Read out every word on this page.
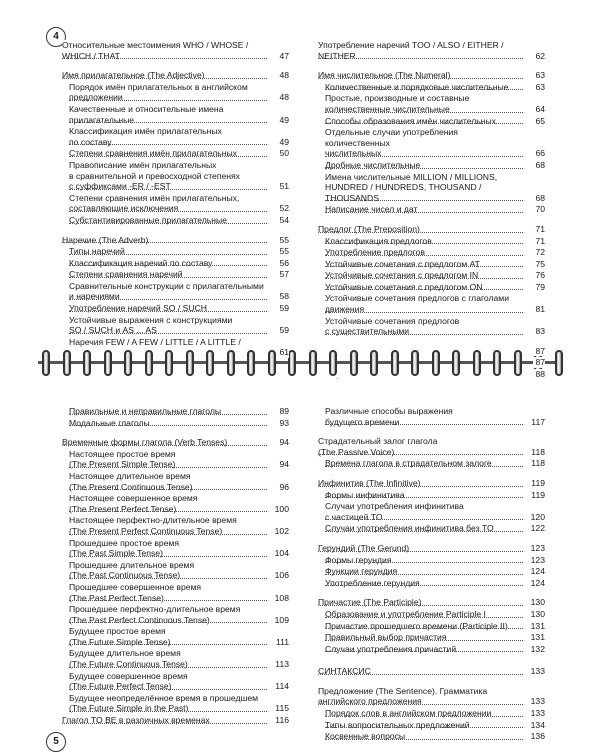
4
Относительные местоимения WHO / WHOSE /
WHICH / THAT	47
Имя прилагательное (The Adjective)	48
Порядок имён прилагательных в английском
предложении	48
Качественные и относительные имена
прилагательные	49
Классификация имён прилагательных
по составу	49
Степени сравнения имён прилагательных	50
Правописание имён прилагательных
в сравнительной и превосходной степенях
с суффиксами -ER / -EST	51
Степени сравнения имён прилагательных,
составляющие исключения	52
Субстантивированные прилагательные	54
Наречие (The Adverb)	55
Типы наречий	55
Классификация наречий по составу	56
Степени сравнения наречий	57
Сравнительные конструкции с прилагательными
и наречиями	58
Употребление наречий SO / SUCH	59
Устойчивые выражения с конструкциями
SO / SUCH и AS ... AS	59
Наречия FEW / A FEW / LITTLE / A LITTLE /
61
Употребление наречий TOO / ALSO / EITHER /
NEITHER	62
Имя числительное (The Numeral)	63
Количественные и порядковые числительные	63
Простые, производные и составные
количественные числительные	64
Способы образования имён числительных	65
Отдельные случаи употребления количественных
числительных	66
Дробные числительные	68
Имена числительные MILLION / MILLIONS,
HUNDRED / HUNDREDS, THOUSAND /
THOUSANDS	68
Написание чисел и дат	70
Предлог (The Preposition)	71
Классификация предлогов	71
Употребление предлогов	72
Устойчивые сочетания с предлогом AT	75
Устойчивые сочетания с предлогом IN	76
Устойчивые сочетания с предлогом ON	79
Устойчивые сочетания предлогов с глаголами
движения	81
Устойчивые сочетания предлогов
с существительными	83
87
87
88
Правильные и неправильные глаголы	89
Модальные глаголы	93
Временные формы глагола (Verb Tenses)	94
Настоящее простое время
(The Present Simple Tense)	94
Настоящее длительное время
(The Present Continuous Tense)	96
Настоящее совершенное время
(The Present Perfect Tense)	100
Настоящее перфектно-длительное время
(The Present Perfect Continuous Tense)	102
Прошедшее простое время
(The Past Simple Tense)	104
Прошедшее длительное время
(The Past Continuous Tense)	106
Прошедшее совершенное время
(The Past Perfect Tense)	108
Прошедшее перфектно-длительное время
(The Past Perfect Continuous Tense)	109
Будущее простое время
(The Future Simple Tense)	111
Будущее длительное время
(The Future Continuous Tense)	113
Будущее совершенное время
(The Future Perfect Tense)	114
Будущее неопределённое время в прошедшем
(The Future Simple in the Past)	115
Глагол TO BE в различных временах	116
Различные способы выражения
будущего времени	117
Страдательный залог глагола
(The Passive Voice)	118
Времена глагола в страдательном залоге	118
Инфинитив (The Infinitive)	119
Формы инфинитива	119
Случаи употребления инфинитива
с частицей TO	120
Случаи употребления инфинитива без TO	122
Герундий (The Gerund)	123
Формы герундия	123
Функции герундия	124
Употребление герундия	124
Причастие (The Participle)	130
Образование и употребление Participle I	130
Причастие прошедшего времени (Participle II)	131
Правильный выбор причастия	131
Случаи употребления причастий	132
СИНТАКСИС	133
Предложение (The Sentence). Грамматика
английского предложения	133
Порядок слов в английском предложении	133
Типы вопросительных предложений	134
Косвенные вопросы	136
5
